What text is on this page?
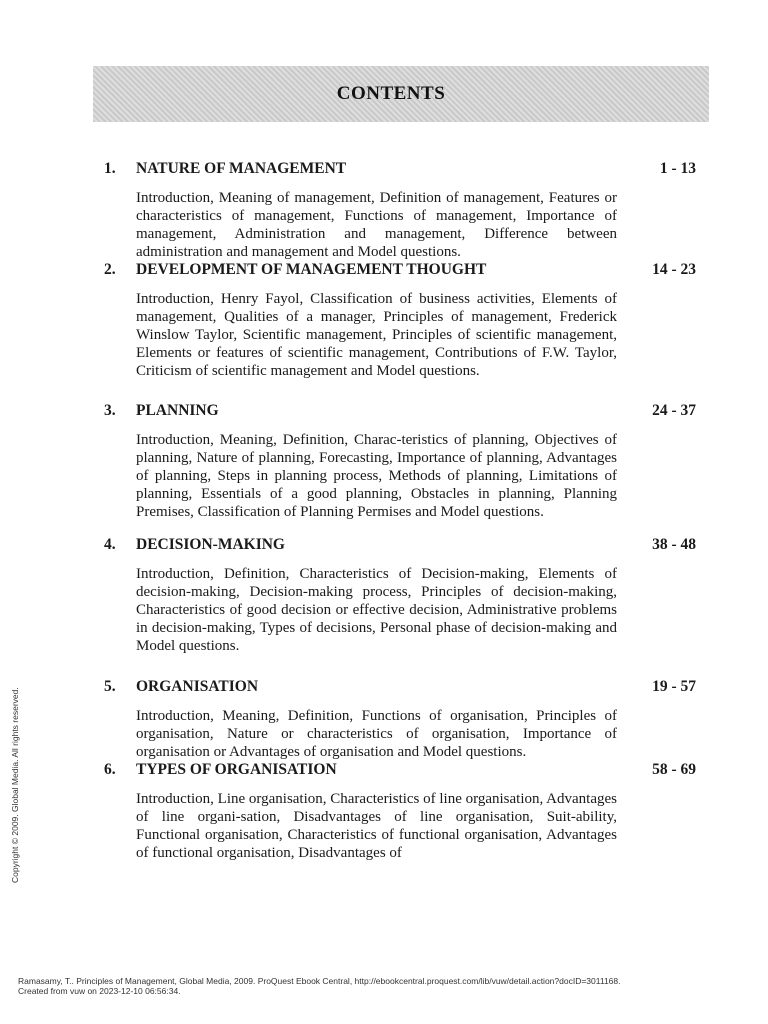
CONTENTS
1. NATURE OF MANAGEMENT	1 - 13
Introduction, Meaning of management, Definition of management, Features or characteristics of management, Functions of management, Importance of management, Administration and management, Difference between administration and management and Model questions.
2. DEVELOPMENT OF MANAGEMENT THOUGHT	14 - 23
Introduction, Henry Fayol, Classification of business activities, Elements of management, Qualities of a manager, Principles of management, Frederick Winslow Taylor, Scientific management, Principles of scientific management, Elements or features of scientific management, Contributions of F.W. Taylor, Criticism of scientific management and Model questions.
3. PLANNING	24 - 37
Introduction, Meaning, Definition, Charac-teristics of planning, Objectives of planning, Nature of planning, Forecasting, Importance of planning, Advantages of planning, Steps in planning process, Methods of planning, Limitations of planning, Essentials of a good planning, Obstacles in planning, Planning Premises, Classification of Planning Permises and Model questions.
4. DECISION-MAKING	38 - 48
Introduction, Definition, Characteristics of Decision-making, Elements of decision-making, Decision-making process, Principles of decision-making, Characteristics of good decision or effective decision, Administrative problems in decision-making, Types of decisions, Personal phase of decision-making and Model questions.
5. ORGANISATION	19 - 57
Introduction, Meaning, Definition, Functions of organisation, Principles of organisation, Nature or characteristics of organisation, Importance of organisation or Advantages of organisation and Model questions.
6. TYPES OF ORGANISATION	58 - 69
Introduction, Line organisation, Characteristics of line organisation, Advantages of line organi-sation, Disadvantages of line organisation, Suit-ability, Functional organisation, Characteristics of functional organisation, Advantages of functional organisation, Disadvantages of
Copyright © 2009. Global Media. All rights reserved.
Ramasamy, T.. Principles of Management, Global Media, 2009. ProQuest Ebook Central, http://ebookcentral.proquest.com/lib/vuw/detail.action?docID=3011168.
Created from vuw on 2023-12-10 06:56:34.
